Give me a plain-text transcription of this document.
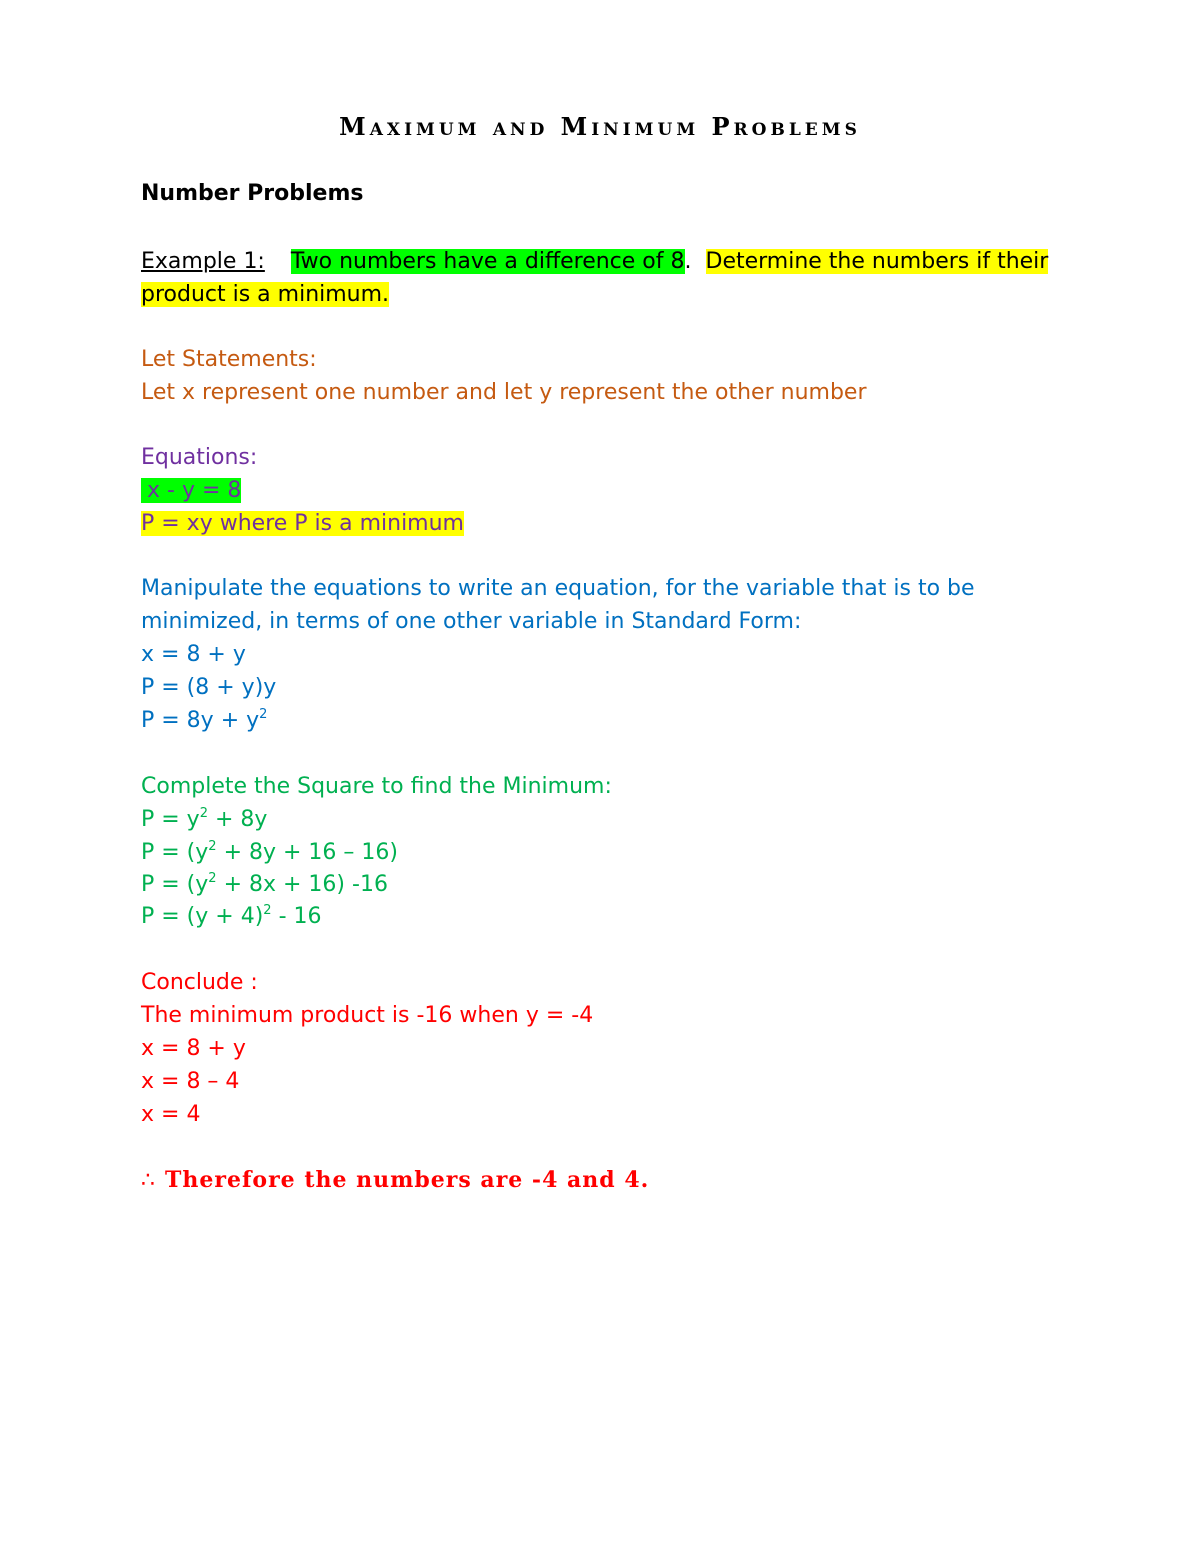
Maximum and Minimum Problems
Number Problems
Example 1: Two numbers have a difference of 8. Determine the numbers if their
product is a minimum.
Let Statements:
Let x represent one number and let y represent the other number
Equations:
x - y = 8
P = xy where P is a minimum
Manipulate the equations to write an equation, for the variable that is to be
minimized, in terms of one other variable in Standard Form:
x = 8 + y
P = (8 + y)y
$P = 8y + y^2$
Complete the Square to find the Minimum:
$P = y^2 + 8y$
$P = (y^2 + 8y + 16 - 16)$
$P = (y^2 + 8x + 16)$ -16
$P = (y + 4)^2 - 16$
Conclude :
The minimum product is -16 when y = -4
x = 8 + y
x = 8 – 4
x = 4
∴ Therefore the numbers are -4 and 4.
